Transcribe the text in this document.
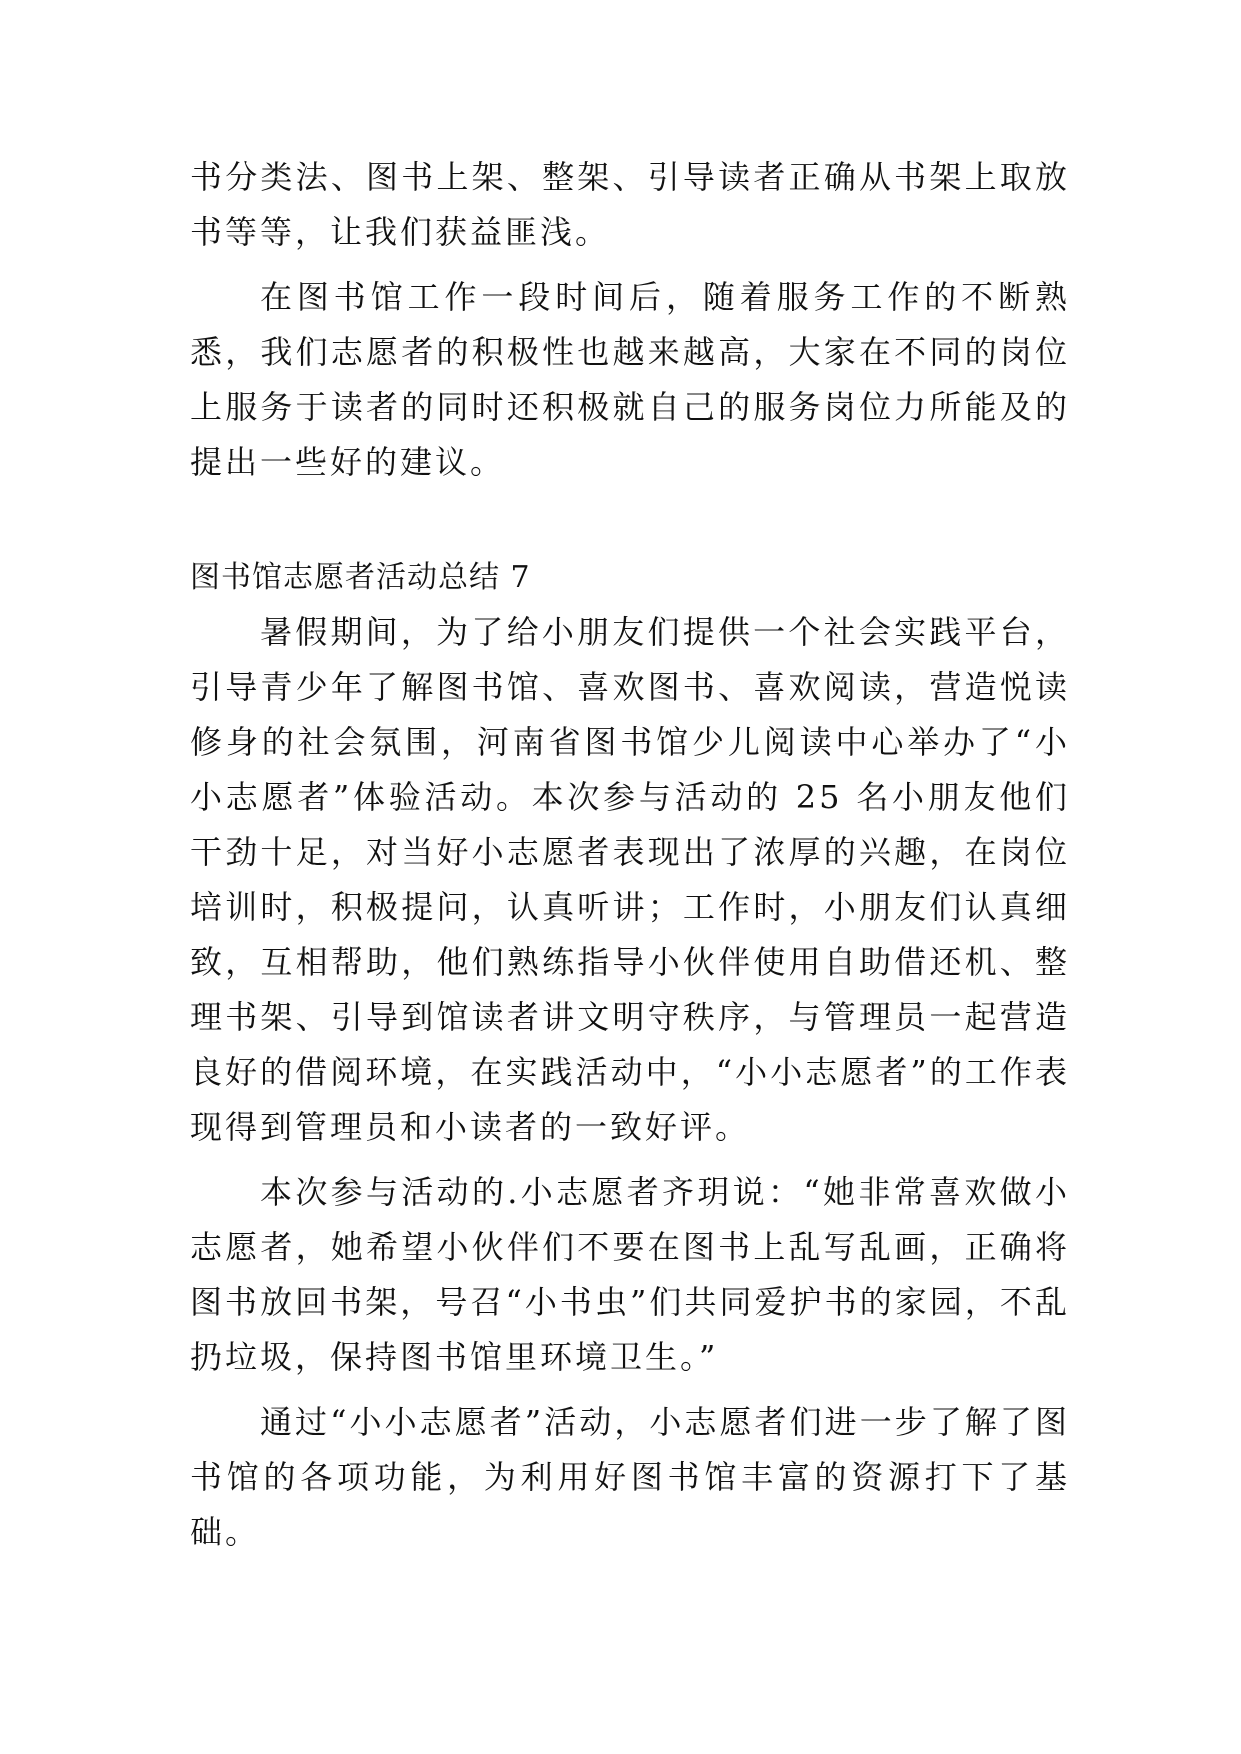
书分类法、图书上架、整架、引导读者正确从书架上取放书等等，让我们获益匪浅。

在图书馆工作一段时间后，随着服务工作的不断熟悉，我们志愿者的积极性也越来越高，大家在不同的岗位上服务于读者的同时还积极就自己的服务岗位力所能及的提出一些好的建议。

图书馆志愿者活动总结 7

暑假期间，为了给小朋友们提供一个社会实践平台，引导青少年了解图书馆、喜欢图书、喜欢阅读，营造悦读修身的社会氛围，河南省图书馆少儿阅读中心举办了“小小志愿者”体验活动。本次参与活动的 25 名小朋友他们干劲十足，对当好小志愿者表现出了浓厚的兴趣，在岗位培训时，积极提问，认真听讲；工作时，小朋友们认真细致，互相帮助，他们熟练指导小伙伴使用自助借还机、整理书架、引导到馆读者讲文明守秩序，与管理员一起营造良好的借阅环境，在实践活动中，“小小志愿者”的工作表现得到管理员和小读者的一致好评。

本次参与活动的.小志愿者齐玥说：“她非常喜欢做小志愿者，她希望小伙伴们不要在图书上乱写乱画，正确将图书放回书架，号召“小书虫”们共同爱护书的家园，不乱扔垃圾，保持图书馆里环境卫生。”

通过“小小志愿者”活动，小志愿者们进一步了解了图书馆的各项功能，为利用好图书馆丰富的资源打下了基础。
